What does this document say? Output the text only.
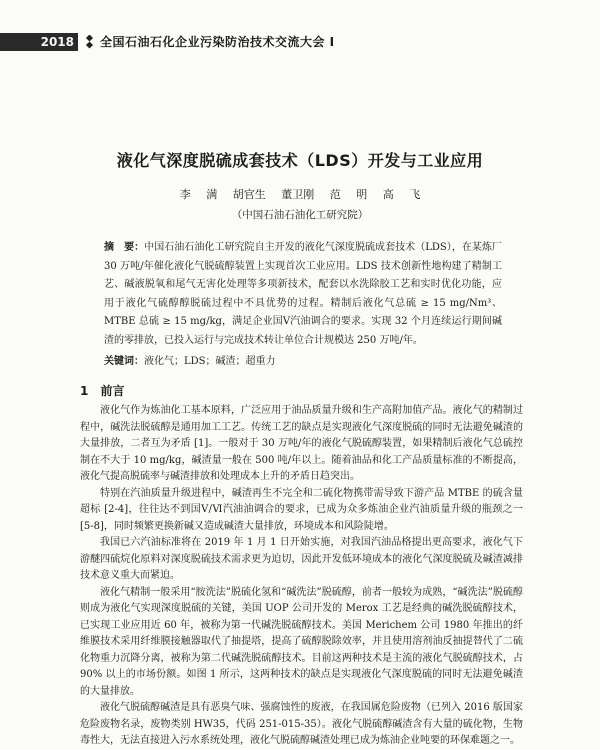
2018	全国石油石化企业污染防治技术交流大会 Ⅰ
液化气深度脱硫成套技术（LDS）开发与工业应用
李 满 胡官生 董卫刚 范 明 高 飞
（中国石油石油化工研究院）
摘　要：中国石油石油化工研究院自主开发的液化气深度脱硫成套技术（LDS），在某炼厂 30 万吨/年催化液化气脱硫醇装置上实现首次工业应用。LDS 技术创新性地构建了精制工艺、碱液脱氧和尾气无害化处理等多项新技术，配套以水洗除胶工艺和实时优化功能，应用于液化气硫醇醇脱硫过程中不具优势的过程。精制后液化气总硫 ≥ 15 mg/Nm³、MTBE 总硫 ≥ 15 mg/kg，满足企业国Ⅴ汽油调合的要求。实现 32 个月连续运行期间碱渣的零排放，已投入运行与完成技术转让单位合计规模达 250 万吨/年。
关键词：液化气；LDS；碱渣；超重力
1 前言

液化气作为炼油化工基本原料，广泛应用于油品质量升级和生产高附加值产品。液化气的精制过程中，碱洗法脱硫醇是通用加工工艺。传统工艺的缺点是实现液化气深度脱硫的同时无法避免碱渣的大量排放，二者互为矛盾 [1]。一般对于 30 万吨/年的液化气脱硫醇装置，如果精制后液化气总硫控制在不大于 10 mg/kg，碱渣量一般在 500 吨/年以上。随着油品和化工产品质量标准的不断提高，液化气提高脱硫率与碱渣排放和处理成本上升的矛盾日趋突出。

特别在汽油质量升级进程中，碱渣再生不完全和二硫化物携带需导致下游产品 MTBE 的硫含量超标 [2-4]，往往达不到国Ⅴ/Ⅵ汽油油调合的要求，已成为众多炼油企业汽油质量升级的瓶颈之一 [5-8]，同时频繁更换新碱又造成碱渣大量排放，环境成本和风险陡增。

我国已六汽油标准将在 2019 年 1 月 1 日开始实施，对我国汽油品格提出更高要求，液化气下游醚四硫烷化原料对深度脱硫技术需求更为迫切，因此开发低环境成本的液化气深度脱硫及碱渣减排技术意义重大而紧迫。

液化气精制一般采用“胺洗法”脱硫化氢和“碱洗法”脱硫醇，前者一般较为成熟，“碱洗法”脱硫醇则成为液化气实现深度脱硫的关键，美国 UOP 公司开发的 Merox 工艺是经典的碱洗脱硫醇技术，已实现工业应用近 60 年，被称为第一代碱洗脱硫醇技术。美国 Merichem 公司 1980 年推出的纤维膜技术采用纤维膜接触器取代了抽提塔，提高了硫醇脱除效率，并且使用溶剂油反抽提替代了二硫化物重力沉降分离，被称为第二代碱洗脱硫醇技术。目前这两种技术是主流的液化气脱硫醇技术，占 90% 以上的市场份额。如图 1 所示，这两种技术的缺点是实现液化气深度脱硫的同时无法避免碱渣的大量排放。

液化气脱硫醇碱渣是具有恶臭气味、强腐蚀性的废液，在我国属危险废物（已列入 2016 版国家危险废物名录，废物类别 HW35，代码 251-015-35）。液化气脱硫醇碱渣含有大量的硫化物，生物毒性大，无法直接进入污水系统处理，液化气脱硫醇碱渣处理已成为炼油企业吨要的环保难题之一。
